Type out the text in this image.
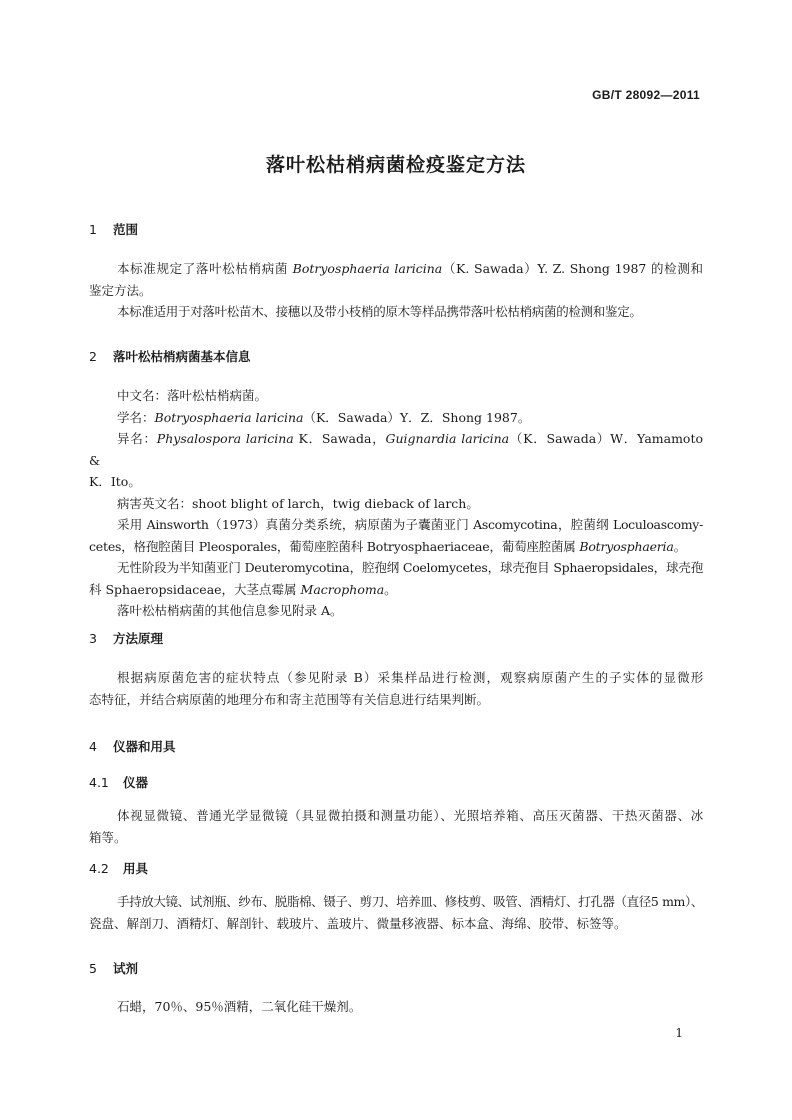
GB/T 28092—2011
落叶松枯梢病菌检疫鉴定方法
1 范围
本标准规定了落叶松枯梢病菌 Botryosphaeria laricina（K. Sawada）Y. Z. Shong 1987 的检测和
鉴定方法。
本标准适用于对落叶松苗木、接穗以及带小枝梢的原木等样品携带落叶松枯梢病菌的检测和鉴定。
2 落叶松枯梢病菌基本信息
中文名：落叶松枯梢病菌。
学名：Botryosphaeria laricina（K．Sawada）Y．Z．Shong 1987。
异名：Physalospora laricina K．Sawada，Guignardia laricina（K．Sawada）W．Yamamoto &
K．Ito。
病害英文名：shoot blight of larch，twig dieback of larch。
采用 Ainsworth（1973）真菌分类系统，病原菌为子囊菌亚门 Ascomycotina，腔菌纲 Loculoascomy-
cetes，格孢腔菌目 Pleosporales，葡萄座腔菌科 Botryosphaeriaceae，葡萄座腔菌属 Botryosphaeria。
无性阶段为半知菌亚门 Deuteromycotina，腔孢纲 Coelomycetes，球壳孢目 Sphaeropsidales，球壳孢
科 Sphaeropsidaceae，大茎点霉属 Macrophoma。
落叶松枯梢病菌的其他信息参见附录 A。
3 方法原理
根据病原菌危害的症状特点（参见附录 B）采集样品进行检测，观察病原菌产生的子实体的显微形
态特征，并结合病原菌的地理分布和寄主范围等有关信息进行结果判断。
4 仪器和用具
4.1 仪器
体视显微镜、普通光学显微镜（具显微拍摄和测量功能）、光照培养箱、高压灭菌器、干热灭菌器、冰
箱等。
4.2 用具
手持放大镜、试剂瓶、纱布、脱脂棉、镊子、剪刀、培养皿、修枝剪、吸管、酒精灯、打孔器（直径5 mm）、
瓷盘、解剖刀、酒精灯、解剖针、载玻片、盖玻片、微量移液器、标本盒、海绵、胶带、标签等。
5 试剂
石蜡，70％、95％酒精，二氧化硅干燥剂。
1
